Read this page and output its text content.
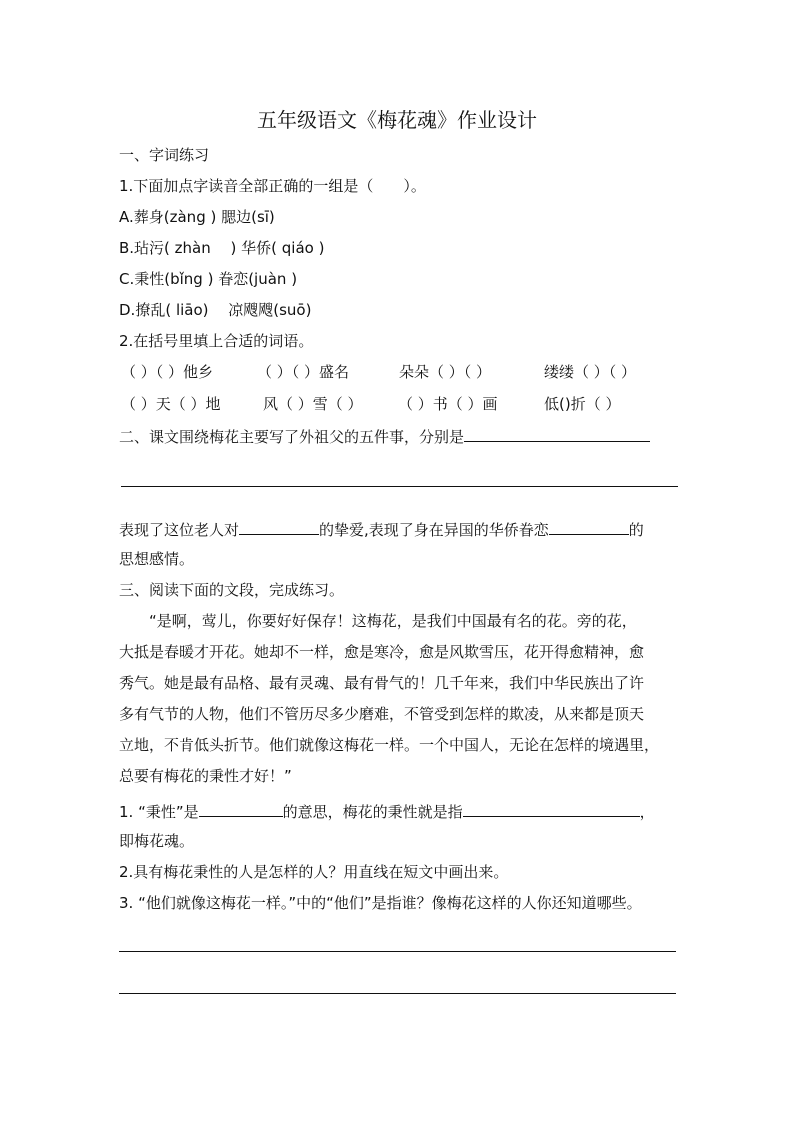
五年级语文《梅花魂》作业设计
一、字词练习
1.下面加点字读音全部正确的一组是（　　）。
A.葬身(zàng ) 腮边(sī)
B.玷污( zhàn　 ) 华侨( qiáo )
C.秉性(bǐng ) 眷恋(juàn )
D.撩乱( liāo)　 凉飕飕(suō)
2.在括号里填上合适的词语。
（ ）（ ）他乡	（ ）（ ）盛名	朵朵（ ）（ ）	缕缕（ ）（ ）
（ ）天（ ）地	风（ ）雪（ ） （ ）书（ ）画	低()折（ ）
二、课文围绕梅花主要写了外祖父的五件事，分别是
表现了这位老人对	的挚爱,表现了身在异国的华侨眷恋	的
思想感情。
三、阅读下面的文段，完成练习。
“是啊，莺儿，你要好好保存！这梅花，是我们中国最有名的花。旁的花，
大抵是春暖才开花。她却不一样，愈是寒冷，愈是风欺雪压，花开得愈精神，愈
秀气。她是最有品格、最有灵魂、最有骨气的！几千年来，我们中华民族出了许
多有气节的人物，他们不管历尽多少磨难，不管受到怎样的欺凌，从来都是顶天
立地，不肯低头折节。他们就像这梅花一样。一个中国人，无论在怎样的境遇里，
总要有梅花的秉性才好！”
1. “秉性”是	的意思，梅花的秉性就是指	，
即梅花魂。
2.具有梅花秉性的人是怎样的人？用直线在短文中画出来。
3. “他们就像这梅花一样。”中的“他们”是指谁？像梅花这样的人你还知道哪些。
